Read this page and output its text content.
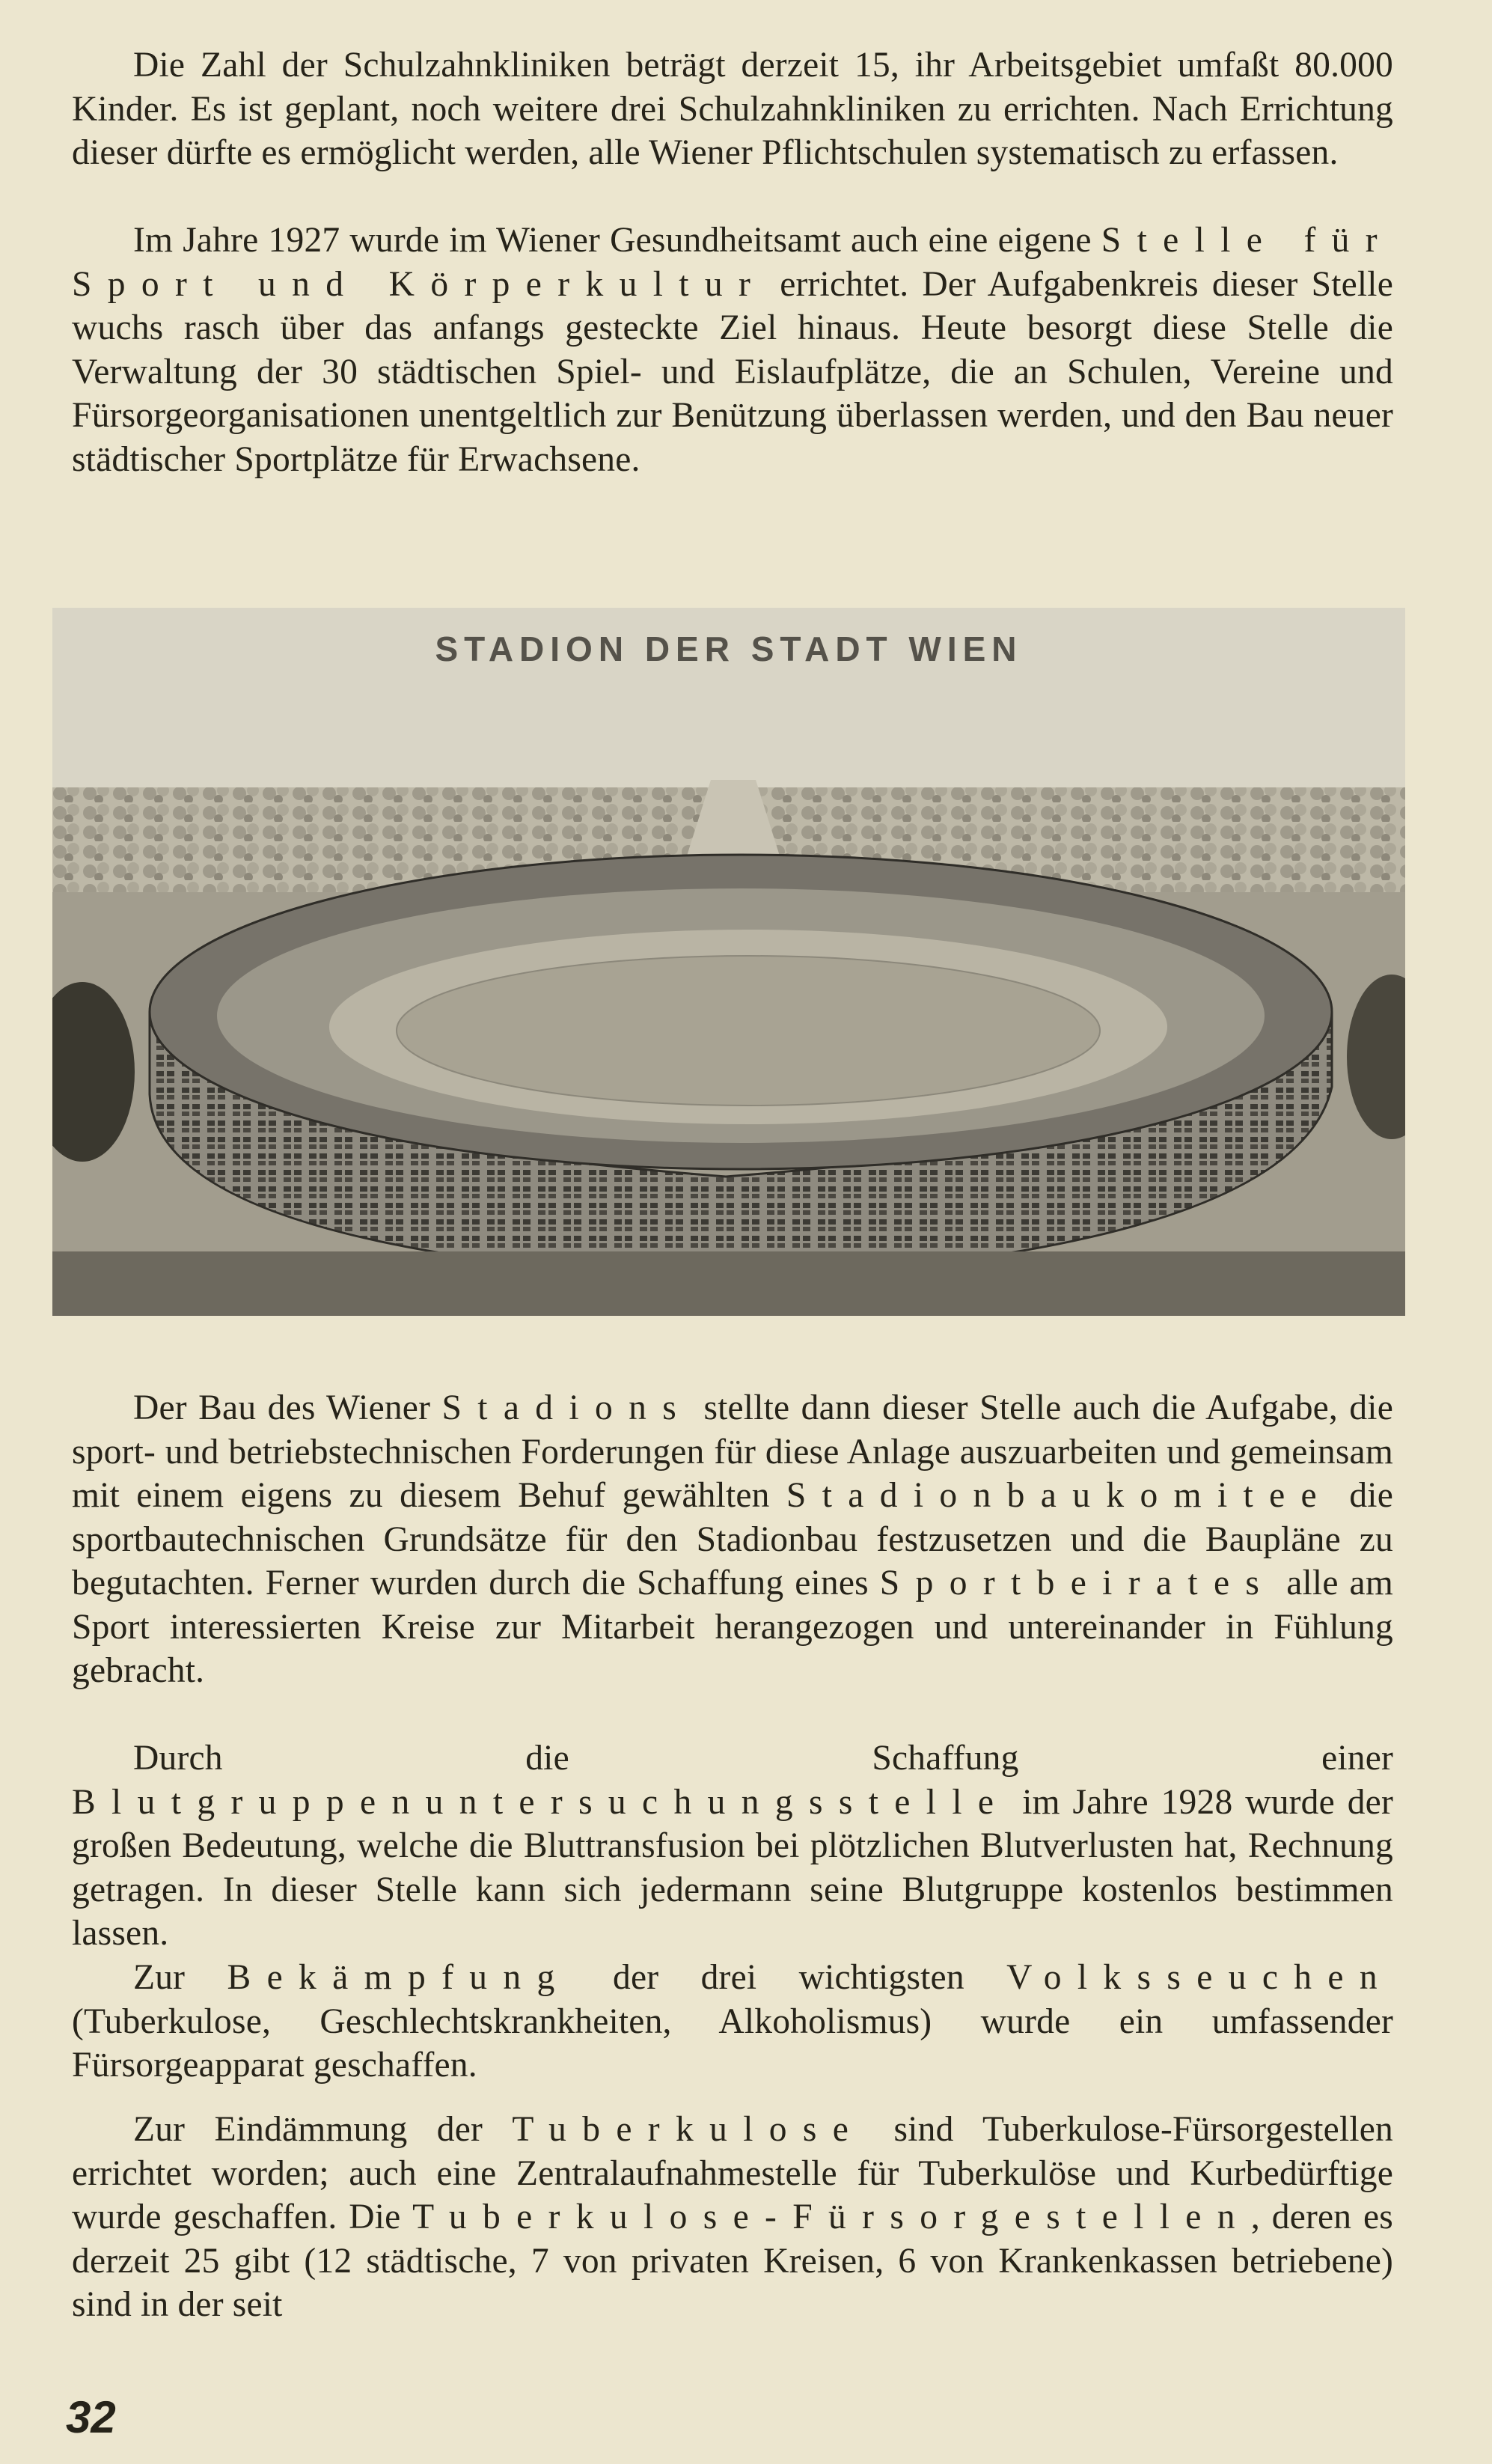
Die Zahl der Schulzahnkliniken beträgt derzeit 15, ihr Arbeitsgebiet umfaßt 80.000 Kinder. Es ist geplant, noch weitere drei Schulzahnkliniken zu errichten. Nach Errichtung dieser dürfte es ermöglicht werden, alle Wiener Pflichtschulen systematisch zu erfassen.

Im Jahre 1927 wurde im Wiener Gesundheitsamt auch eine eigene Stelle für Sport und Körperkultur errichtet. Der Aufgabenkreis dieser Stelle wuchs rasch über das anfangs gesteckte Ziel hinaus. Heute besorgt diese Stelle die Verwaltung der 30 städtischen Spiel- und Eislaufplätze, die an Schulen, Vereine und Fürsorgeorganisationen unentgeltlich zur Benützung überlassen werden, und den Bau neuer städtischer Sportplätze für Erwachsene.

STADION DER STADT WIEN

Der Bau des Wiener Stadions stellte dann dieser Stelle auch die Aufgabe, die sport- und betriebstechnischen Forderungen für diese Anlage auszuarbeiten und gemeinsam mit einem eigens zu diesem Behuf gewählten Stadionbaukomitee die sportbautechnischen Grundsätze für den Stadionbau festzusetzen und die Baupläne zu begutachten. Ferner wurden durch die Schaffung eines Sportbeirates alle am Sport interessierten Kreise zur Mitarbeit herangezogen und untereinander in Fühlung gebracht.

Durch die Schaffung einer Blutgruppenuntersuchungsstelle im Jahre 1928 wurde der großen Bedeutung, welche die Bluttransfusion bei plötzlichen Blutverlusten hat, Rechnung getragen. In dieser Stelle kann sich jedermann seine Blutgruppe kostenlos bestimmen lassen.

Zur Bekämpfung der drei wichtigsten Volksseuchen (Tuberkulose, Geschlechtskrankheiten, Alkoholismus) wurde ein umfassender Fürsorgeapparat geschaffen.

Zur Eindämmung der Tuberkulose sind Tuberkulose-Fürsorgestellen errichtet worden; auch eine Zentralaufnahmestelle für Tuberkulöse und Kurbedürftige wurde geschaffen. Die Tuberkulose-Fürsorgestellen, deren es derzeit 25 gibt (12 städtische, 7 von privaten Kreisen, 6 von Krankenkassen betriebene) sind in der seit

32
